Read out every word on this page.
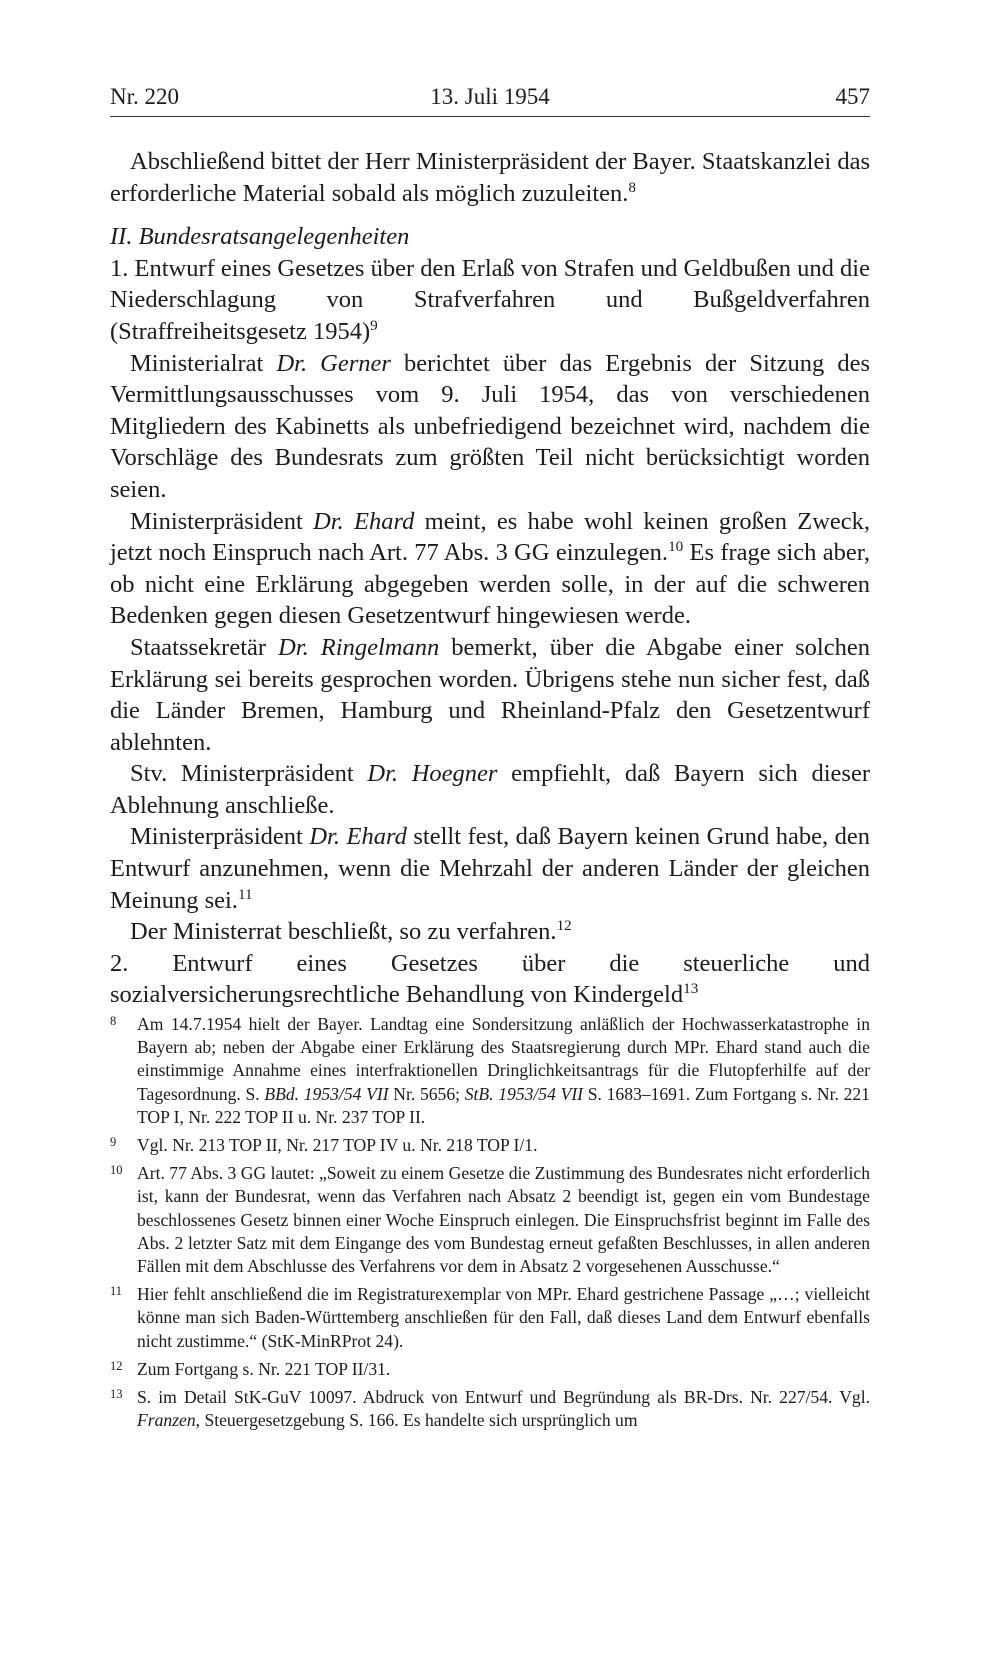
Nr. 220	13. Juli 1954	457

Abschließend bittet der Herr Ministerpräsident der Bayer. Staatskanzlei das erforderliche Material sobald als möglich zuzuleiten.$^8$

II. Bundesratsangelegenheiten

1. Entwurf eines Gesetzes über den Erlaß von Strafen und Geldbußen und die Niederschlagung von Strafverfahren und Bußgeldverfahren (Straffreiheitsgesetz 1954)$^9$

Ministerialrat Dr. Gerner berichtet über das Ergebnis der Sitzung des Vermittlungsausschusses vom 9. Juli 1954, das von verschiedenen Mitgliedern des Kabinetts als unbefriedigend bezeichnet wird, nachdem die Vorschläge des Bundesrats zum größten Teil nicht berücksichtigt worden seien.

Ministerpräsident Dr. Ehard meint, es habe wohl keinen großen Zweck, jetzt noch Einspruch nach Art. 77 Abs. 3 GG einzulegen.$^{10}$ Es frage sich aber, ob nicht eine Erklärung abgegeben werden solle, in der auf die schweren Bedenken gegen diesen Gesetzentwurf hingewiesen werde.

Staatssekretär Dr. Ringelmann bemerkt, über die Abgabe einer solchen Erklärung sei bereits gesprochen worden. Übrigens stehe nun sicher fest, daß die Länder Bremen, Hamburg und Rheinland-Pfalz den Gesetzentwurf ablehnten.

Stv. Ministerpräsident Dr. Hoegner empfiehlt, daß Bayern sich dieser Ablehnung anschließe.

Ministerpräsident Dr. Ehard stellt fest, daß Bayern keinen Grund habe, den Entwurf anzunehmen, wenn die Mehrzahl der anderen Länder der gleichen Meinung sei.$^{11}$

Der Ministerrat beschließt, so zu verfahren.$^{12}$

2. Entwurf eines Gesetzes über die steuerliche und sozialversicherungsrechtliche Behandlung von Kindergeld$^{13}$

8 Am 14.7.1954 hielt der Bayer. Landtag eine Sondersitzung anläßlich der Hochwasserkatastrophe in Bayern ab; neben der Abgabe einer Erklärung des Staatsregierung durch MPr. Ehard stand auch die einstimmige Annahme eines interfraktionellen Dringlichkeitsantrags für die Flutopferhilfe auf der Tagesordnung. S. BBd. 1953/54 VII Nr. 5656; StB. 1953/54 VII S. 1683–1691. Zum Fortgang s. Nr. 221 TOP I, Nr. 222 TOP II u. Nr. 237 TOP II.

9 Vgl. Nr. 213 TOP II, Nr. 217 TOP IV u. Nr. 218 TOP I/1.

10 Art. 77 Abs. 3 GG lautet: „Soweit zu einem Gesetze die Zustimmung des Bundesrates nicht erforderlich ist, kann der Bundesrat, wenn das Verfahren nach Absatz 2 beendigt ist, gegen ein vom Bundestage beschlossenes Gesetz binnen einer Woche Einspruch einlegen. Die Einspruchsfrist beginnt im Falle des Abs. 2 letzter Satz mit dem Eingange des vom Bundestag erneut gefaßten Beschlusses, in allen anderen Fällen mit dem Abschlusse des Verfahrens vor dem in Absatz 2 vorgesehenen Ausschusse.“

11 Hier fehlt anschließend die im Registraturexemplar von MPr. Ehard gestrichene Passage „…; vielleicht könne man sich Baden-Württemberg anschließen für den Fall, daß dieses Land dem Entwurf ebenfalls nicht zustimme.“ (StK-MinRProt 24).

12 Zum Fortgang s. Nr. 221 TOP II/31.

13 S. im Detail StK-GuV 10097. Abdruck von Entwurf und Begründung als BR-Drs. Nr. 227/54. Vgl. Franzen, Steuergesetzgebung S. 166. Es handelte sich ursprünglich um
